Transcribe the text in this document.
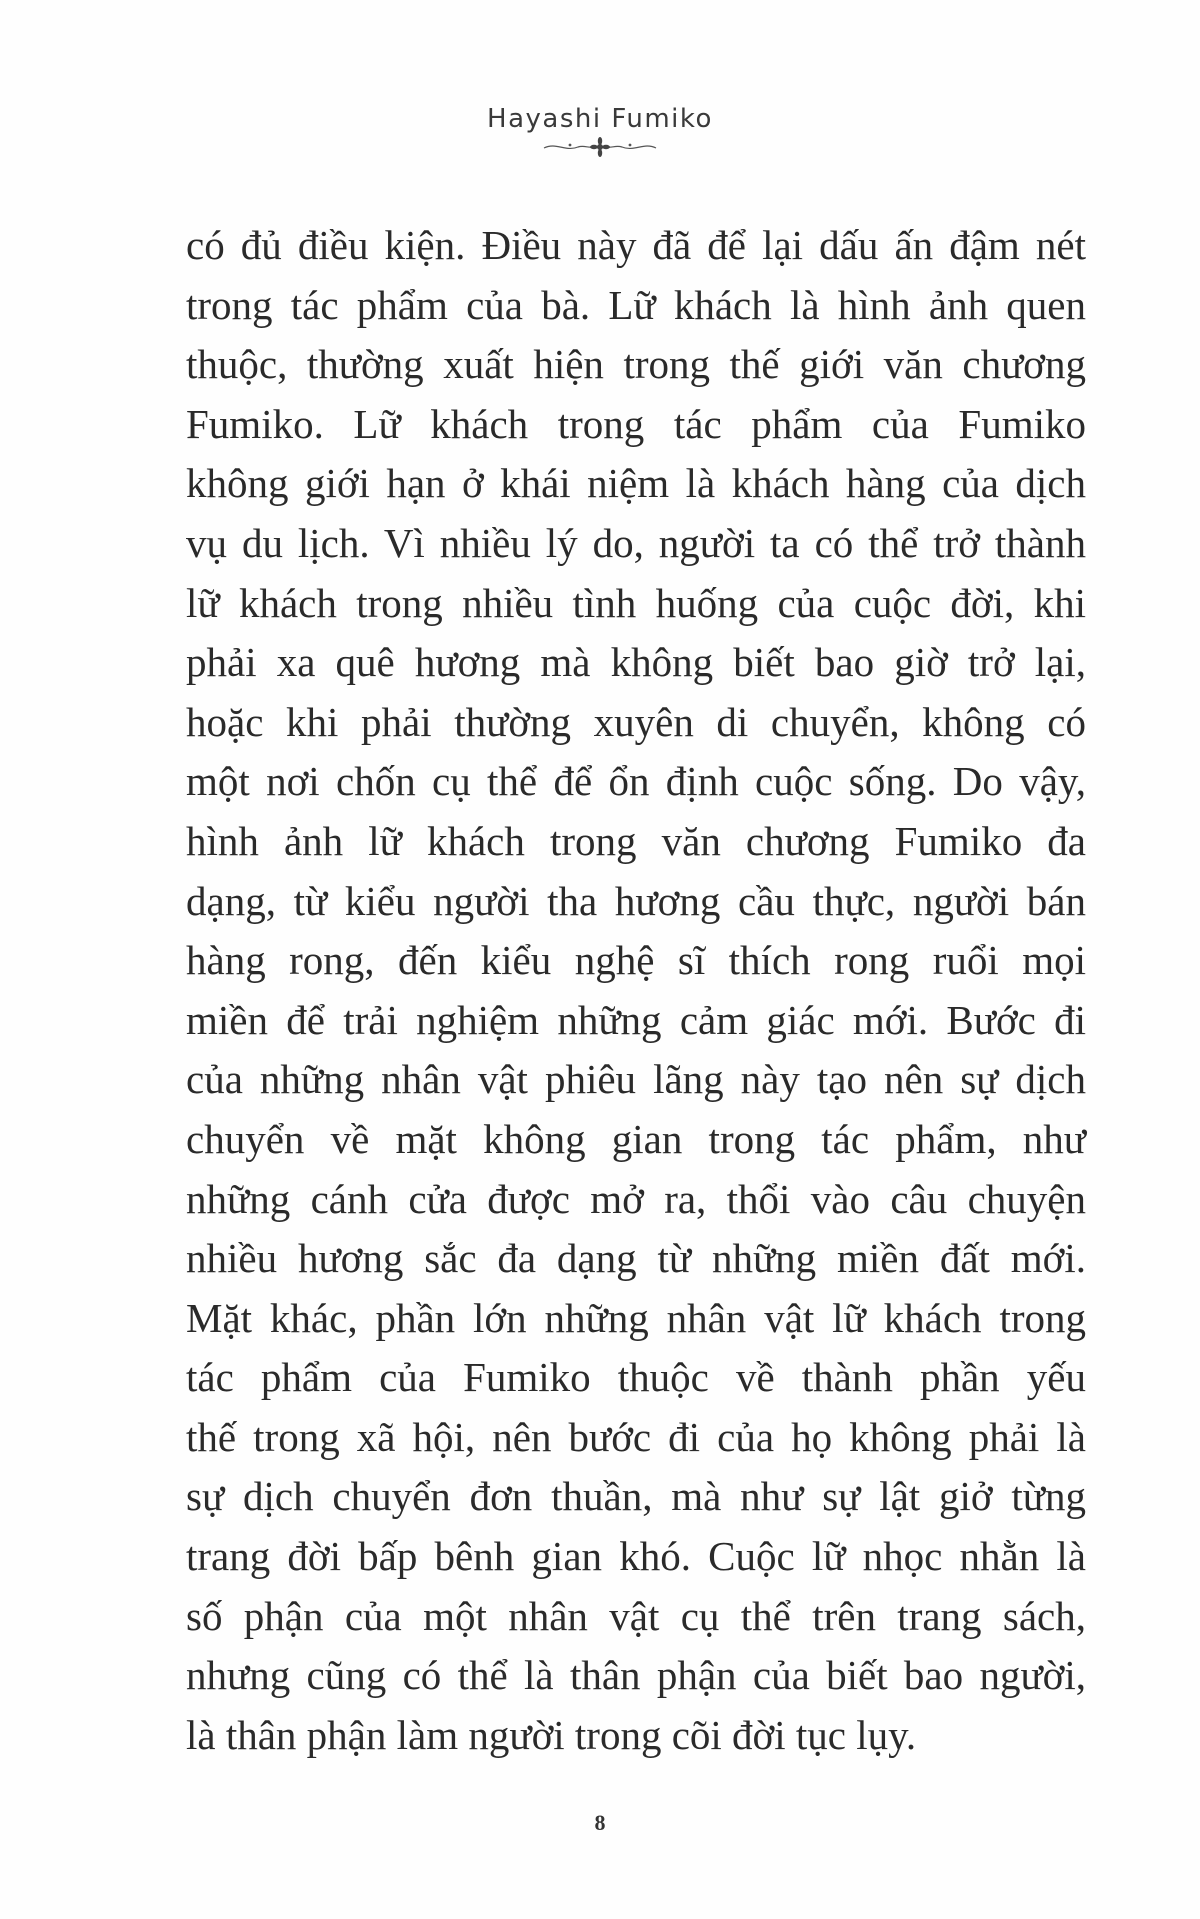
Hayashi Fumiko
có đủ điều kiện. Điều này đã để lại dấu ấn đậm nét
trong tác phẩm của bà. Lữ khách là hình ảnh quen
thuộc, thường xuất hiện trong thế giới văn chương
Fumiko. Lữ khách trong tác phẩm của Fumiko
không giới hạn ở khái niệm là khách hàng của dịch
vụ du lịch. Vì nhiều lý do, người ta có thể trở thành
lữ khách trong nhiều tình huống của cuộc đời, khi
phải xa quê hương mà không biết bao giờ trở lại,
hoặc khi phải thường xuyên di chuyển, không có
một nơi chốn cụ thể để ổn định cuộc sống. Do vậy,
hình ảnh lữ khách trong văn chương Fumiko đa
dạng, từ kiểu người tha hương cầu thực, người bán
hàng rong, đến kiểu nghệ sĩ thích rong ruổi mọi
miền để trải nghiệm những cảm giác mới. Bước đi
của những nhân vật phiêu lãng này tạo nên sự dịch
chuyển về mặt không gian trong tác phẩm, như
những cánh cửa được mở ra, thổi vào câu chuyện
nhiều hương sắc đa dạng từ những miền đất mới.
Mặt khác, phần lớn những nhân vật lữ khách trong
tác phẩm của Fumiko thuộc về thành phần yếu
thế trong xã hội, nên bước đi của họ không phải là
sự dịch chuyển đơn thuần, mà như sự lật giở từng
trang đời bấp bênh gian khó. Cuộc lữ nhọc nhằn là
số phận của một nhân vật cụ thể trên trang sách,
nhưng cũng có thể là thân phận của biết bao người,
là thân phận làm người trong cõi đời tục lụy.
8
